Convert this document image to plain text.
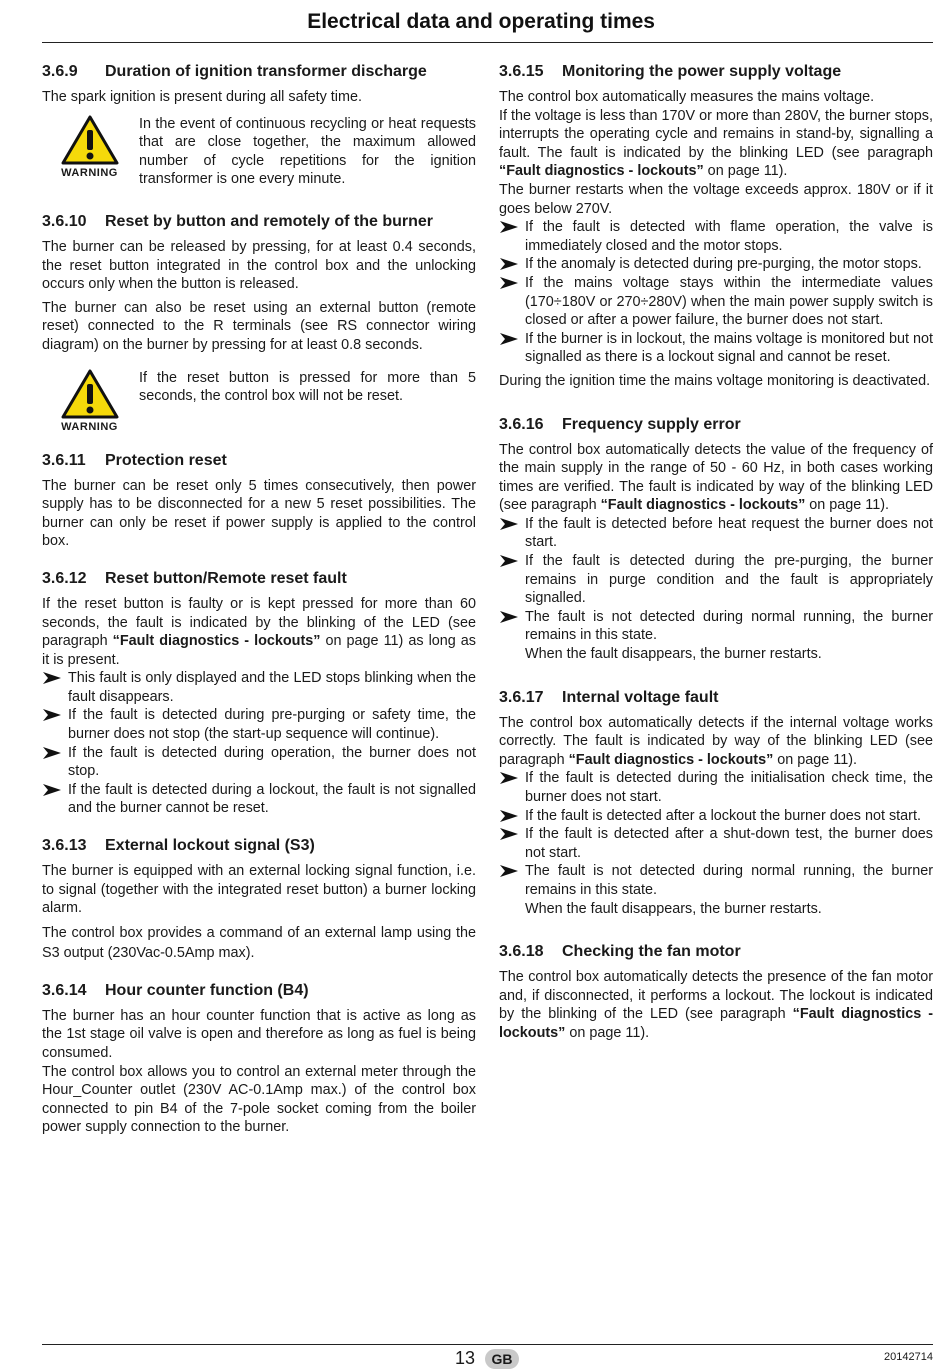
Electrical data and operating times
3.6.9	Duration of ignition transformer discharge

The spark ignition is present during all safety time.

WARNING

In the event of continuous recycling or heat requests that are close together, the maximum allowed number of cycle repetitions for the ignition transformer is one every minute.

3.6.10	Reset by button and remotely of the burner

The burner can be released by pressing, for at least 0.4 seconds, the reset button integrated in the control box and the unlocking occurs only when the button is released.

The burner can also be reset using an external button (remote reset) connected to the R terminals (see RS connector wiring diagram) on the burner by pressing for at least 0.8 seconds.

WARNING

If the reset button is pressed for more than 5 seconds, the control box will not be reset.

3.6.11	Protection reset

The burner can be reset only 5 times consecutively, then power supply has to be disconnected for a new 5 reset possibilities. The burner can only be reset if power supply is applied to the control box.

3.6.12	Reset button/Remote reset fault

If the reset button is faulty or is kept pressed for more than 60 seconds, the fault is indicated by the blinking of the LED (see paragraph “Fault diagnostics - lockouts” on page 11) as long as it is present.

This fault is only displayed and the LED stops blinking when the fault disappears.
If the fault is detected during pre-purging or safety time, the burner does not stop (the start-up sequence will continue).
If the fault is detected during operation, the burner does not stop.
If the fault is detected during a lockout, the fault is not signalled and the burner cannot be reset.
3.6.13	External lockout signal (S3)

The burner is equipped with an external locking signal function, i.e. to signal (together with the integrated reset button) a burner locking alarm.

The control box provides a command of an external lamp using the S3 output (230Vac-0.5Amp max).

3.6.14	Hour counter function (B4)

The burner has an hour counter function that is active as long as the 1st stage oil valve is open and therefore as long as fuel is being consumed.

The control box allows you to control an external meter through the Hour_Counter outlet (230V AC-0.1Amp max.) of the control box connected to pin B4 of the 7-pole socket coming from the boiler power supply connection to the burner.

3.6.15	Monitoring the power supply voltage

The control box automatically measures the mains voltage.

If the voltage is less than 170V or more than 280V, the burner stops, interrupts the operating cycle and remains in stand-by, signalling a fault. The fault is indicated by the blinking LED (see paragraph “Fault diagnostics - lockouts” on page 11).

The burner restarts when the voltage exceeds approx. 180V or if it goes below 270V.

If the fault is detected with flame operation, the valve is immediately closed and the motor stops.
If the anomaly is detected during pre-purging, the motor stops.
If the mains voltage stays within the intermediate values (170÷180V or 270÷280V) when the main power supply switch is closed or after a power failure, the burner does not start.
If the burner is in lockout, the mains voltage is monitored but not signalled as there is a lockout signal and cannot be reset.

During the ignition time the mains voltage monitoring is deactivated.

3.6.16	Frequency supply error

The control box automatically detects the value of the frequency of the main supply in the range of 50 - 60 Hz, in both cases working times are verified. The fault is indicated by way of the blinking LED (see paragraph “Fault diagnostics - lockouts” on page 11).

If the fault is detected before heat request the burner does not start.
If the fault is detected during the pre-purging, the burner remains in purge condition and the fault is appropriately signalled.
The fault is not detected during normal running, the burner remains in this state.
When the fault disappears, the burner restarts.
3.6.17	Internal voltage fault

The control box automatically detects if the internal voltage works correctly. The fault is indicated by way of the blinking LED (see paragraph “Fault diagnostics - lockouts” on page 11).

If the fault is detected during the initialisation check time, the burner does not start.
If the fault is detected after a lockout the burner does not start.
If the fault is detected after a shut-down test, the burner does not start.
The fault is not detected during normal running, the burner remains in this state.
When the fault disappears, the burner restarts.
3.6.18	Checking the fan motor

The control box automatically detects the presence of the fan motor and, if disconnected, it performs a lockout. The lockout is indicated by the blinking of the LED (see paragraph “Fault diagnostics - lockouts” on page 11).

13	GB	20142714
